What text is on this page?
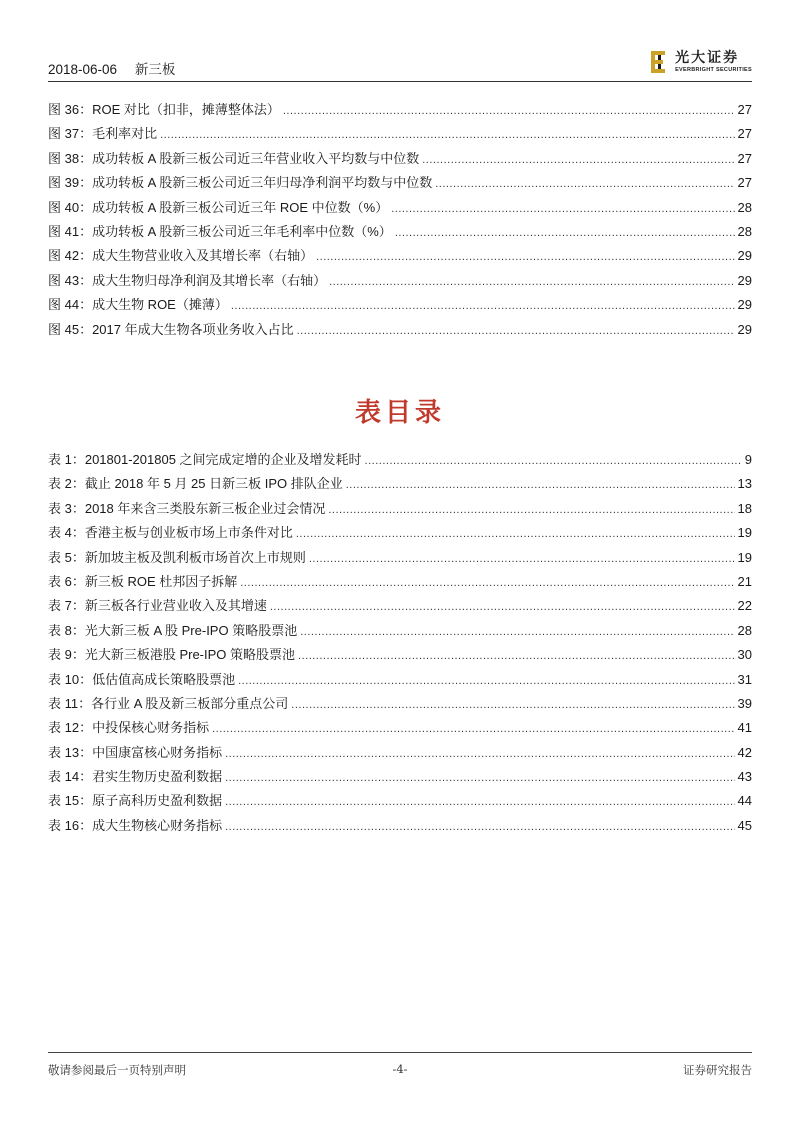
2018-06-06 新三板
光大证券
EVERBRIGHT SECURITIES
图 36：ROE 对比（扣非，摊薄整体法） .....	27
图 37：毛利率对比 .....	27
图 38：成功转板 A 股新三板公司近三年营业收入平均数与中位数 .....	27
图 39：成功转板 A 股新三板公司近三年归母净利润平均数与中位数 .....	27
图 40：成功转板 A 股新三板公司近三年 ROE 中位数（%） .....	28
图 41：成功转板 A 股新三板公司近三年毛利率中位数（%） .....	28
图 42：成大生物营业收入及其增长率（右轴） .....	29
图 43：成大生物归母净利润及其增长率（右轴） .....	29
图 44：成大生物 ROE（摊薄） .....	29
图 45：2017 年成大生物各项业务收入占比 .....	29
表目录
表 1：201801-201805 之间完成定增的企业及增发耗时 .....	9
表 2：截止 2018 年 5 月 25 日新三板 IPO 排队企业 .....	13
表 3：2018 年来含三类股东新三板企业过会情况 .....	18
表 4：香港主板与创业板市场上市条件对比 .....	19
表 5：新加坡主板及凯利板市场首次上市规则 .....	19
表 6：新三板 ROE 杜邦因子拆解 .....	21
表 7：新三板各行业营业收入及其增速 .....	22
表 8：光大新三板 A 股 Pre-IPO 策略股票池 .....	28
表 9：光大新三板港股 Pre-IPO 策略股票池 .....	30
表 10：低估值高成长策略股票池 .....	31
表 11：各行业 A 股及新三板部分重点公司 .....	39
表 12：中投保核心财务指标 .....	41
表 13：中国康富核心财务指标 .....	42
表 14：君实生物历史盈利数据 .....	43
表 15：原子高科历史盈利数据 .....	44
表 16：成大生物核心财务指标 .....	45
敬请参阅最后一页特别声明	-4-	证券研究报告
